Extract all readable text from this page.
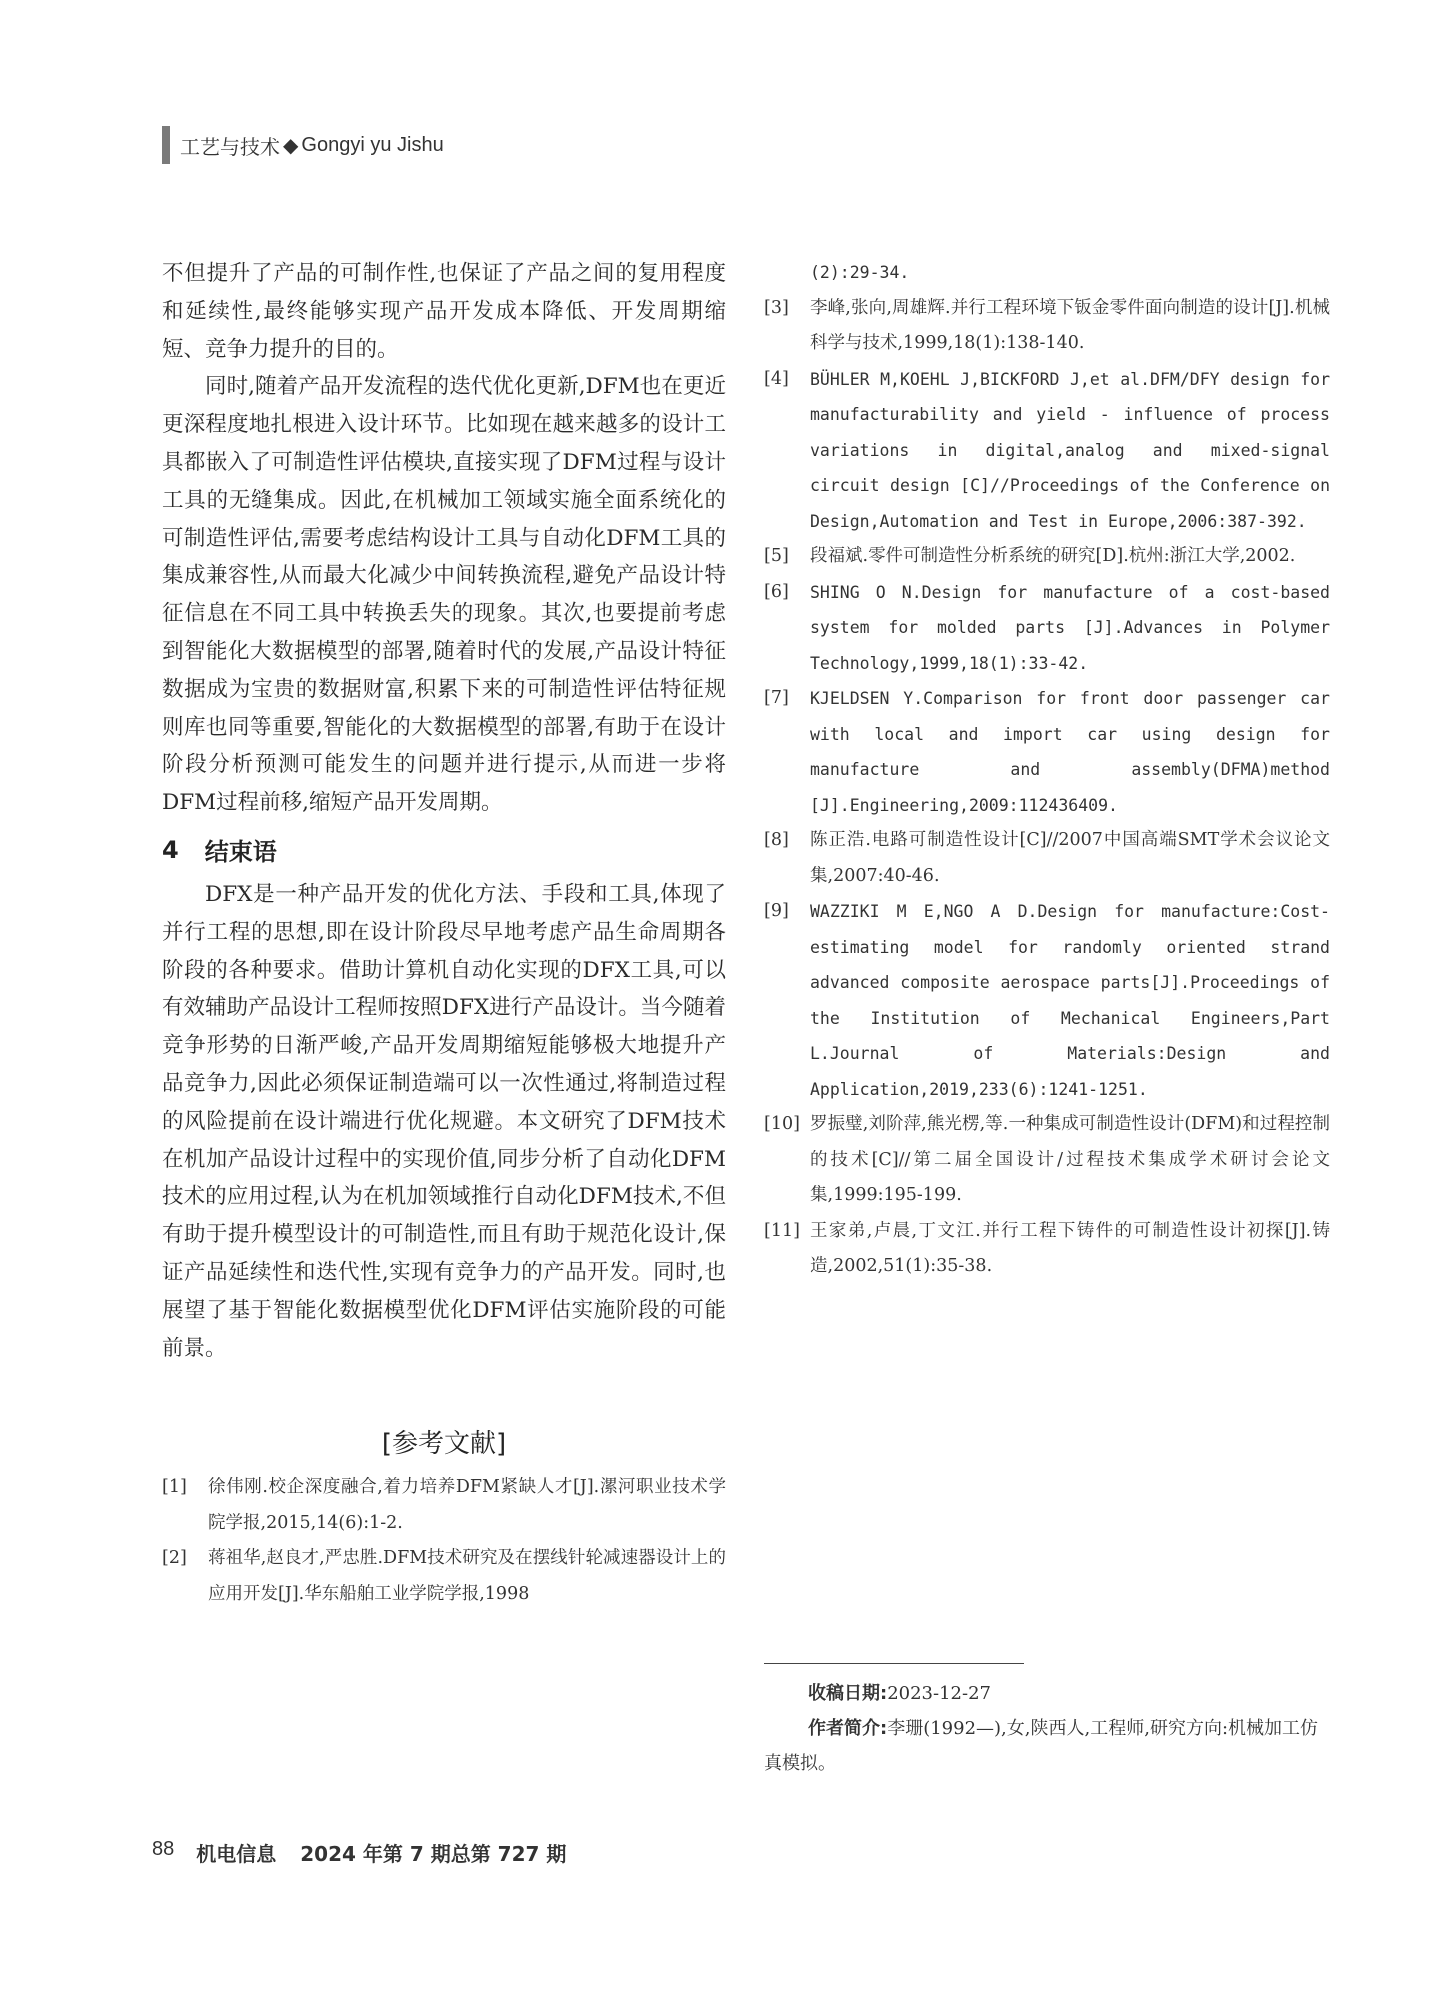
工艺与技术 ◆ Gongyi yu Jishu

不但提升了产品的可制作性,也保证了产品之间的复用程度和延续性,最终能够实现产品开发成本降低、开发周期缩短、竞争力提升的目的。

同时,随着产品开发流程的迭代优化更新,DFM也在更近更深程度地扎根进入设计环节。比如现在越来越多的设计工具都嵌入了可制造性评估模块,直接实现了DFM过程与设计工具的无缝集成。因此,在机械加工领域实施全面系统化的可制造性评估,需要考虑结构设计工具与自动化DFM工具的集成兼容性,从而最大化减少中间转换流程,避免产品设计特征信息在不同工具中转换丢失的现象。其次,也要提前考虑到智能化大数据模型的部署,随着时代的发展,产品设计特征数据成为宝贵的数据财富,积累下来的可制造性评估特征规则库也同等重要,智能化的大数据模型的部署,有助于在设计阶段分析预测可能发生的问题并进行提示,从而进一步将DFM过程前移,缩短产品开发周期。

4 结束语

DFX是一种产品开发的优化方法、手段和工具,体现了并行工程的思想,即在设计阶段尽早地考虑产品生命周期各阶段的各种要求。借助计算机自动化实现的DFX工具,可以有效辅助产品设计工程师按照DFX进行产品设计。当今随着竞争形势的日渐严峻,产品开发周期缩短能够极大地提升产品竞争力,因此必须保证制造端可以一次性通过,将制造过程的风险提前在设计端进行优化规避。本文研究了DFM技术在机加产品设计过程中的实现价值,同步分析了自动化DFM技术的应用过程,认为在机加领域推行自动化DFM技术,不但有助于提升模型设计的可制造性,而且有助于规范化设计,保证产品延续性和迭代性,实现有竞争力的产品开发。同时,也展望了基于智能化数据模型优化DFM评估实施阶段的可能前景。

[参考文献]
[1]	徐伟刚.校企深度融合,着力培养DFM紧缺人才[J].漯河职业技术学院学报,2015,14(6):1-2.
[2]	蒋祖华,赵良才,严忠胜.DFM技术研究及在摆线针轮减速器设计上的应用开发[J].华东船舶工业学院学报,1998
(2):29-34.
[3]	李峰,张向,周雄辉.并行工程环境下钣金零件面向制造的设计[J].机械科学与技术,1999,18(1):138-140.
[4]	BÜHLER M,KOEHL J,BICKFORD J,et al.DFM/DFY design for manufacturability and yield - influence of process variations in digital,analog and mixed-signal circuit design [C]//Proceedings of the Conference on Design,Automation and Test in Europe,2006:387-392.
[5]	段福斌.零件可制造性分析系统的研究[D].杭州:浙江大学,2002.
[6]	SHING O N.Design for manufacture of a cost-based system for molded parts [J].Advances in Polymer Technology,1999,18(1):33-42.
[7]	KJELDSEN Y.Comparison for front door passenger car with local and import car using design for manufacture and assembly(DFMA)method [J].Engineering,2009:112436409.
[8]	陈正浩.电路可制造性设计[C]//2007中国高端SMT学术会议论文集,2007:40-46.
[9]	WAZZIKI M E,NGO A D.Design for manufacture:Cost-estimating model for randomly oriented strand advanced composite aerospace parts[J].Proceedings of the Institution of Mechanical Engineers,Part L.Journal of Materials:Design and Application,2019,233(6):1241-1251.
[10] 罗振璧,刘阶萍,熊光楞,等.一种集成可制造性设计(DFM)和过程控制的技术[C]//第二届全国设计/过程技术集成学术研讨会论文集,1999:195-199.
[11] 王家弟,卢晨,丁文江.并行工程下铸件的可制造性设计初探[J].铸造,2002,51(1):35-38.
收稿日期:2023-12-27
作者简介:李珊(1992—),女,陕西人,工程师,研究方向:机械加工仿真模拟。
88 机电信息 2024 年第 7 期总第 727 期
